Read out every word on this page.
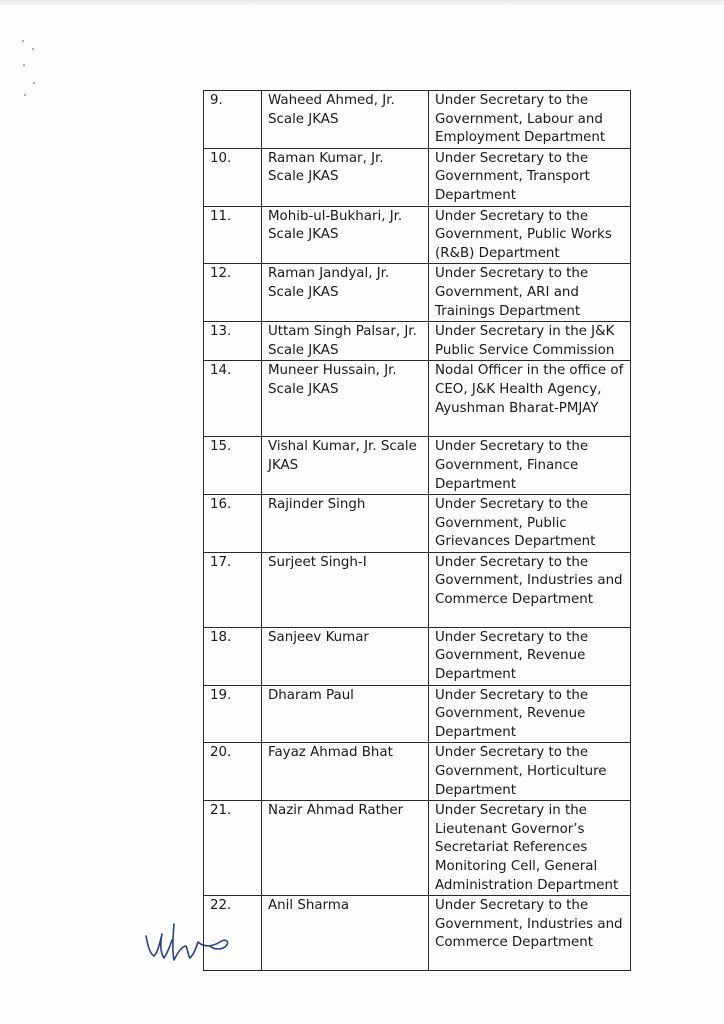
9.	Waheed Ahmed, Jr. Scale JKAS	Under Secretary to the Government, Labour and Employment Department
10.	Raman Kumar, Jr. Scale JKAS	Under Secretary to the Government, Transport Department
11.	Mohib-ul-Bukhari, Jr. Scale JKAS	Under Secretary to the Government, Public Works (R&B) Department
12.	Raman Jandyal, Jr. Scale JKAS	Under Secretary to the Government, ARI and Trainings Department
13.	Uttam Singh Palsar, Jr. Scale JKAS	Under Secretary in the J&K Public Service Commission
14.	Muneer Hussain, Jr. Scale JKAS	Nodal Officer in the office of CEO, J&K Health Agency, Ayushman Bharat-PMJAY
15.	Vishal Kumar, Jr. Scale JKAS	Under Secretary to the Government, Finance Department
16.	Rajinder Singh	Under Secretary to the Government, Public Grievances Department
17.	Surjeet Singh-I	Under Secretary to the Government, Industries and Commerce Department
18.	Sanjeev Kumar	Under Secretary to the Government, Revenue Department
19.	Dharam Paul	Under Secretary to the Government, Revenue Department
20.	Fayaz Ahmad Bhat	Under Secretary to the Government, Horticulture Department
21.	Nazir Ahmad Rather	Under Secretary in the Lieutenant Governor’s Secretariat References Monitoring Cell, General Administration Department
22.	Anil Sharma	Under Secretary to the Government, Industries and Commerce Department
